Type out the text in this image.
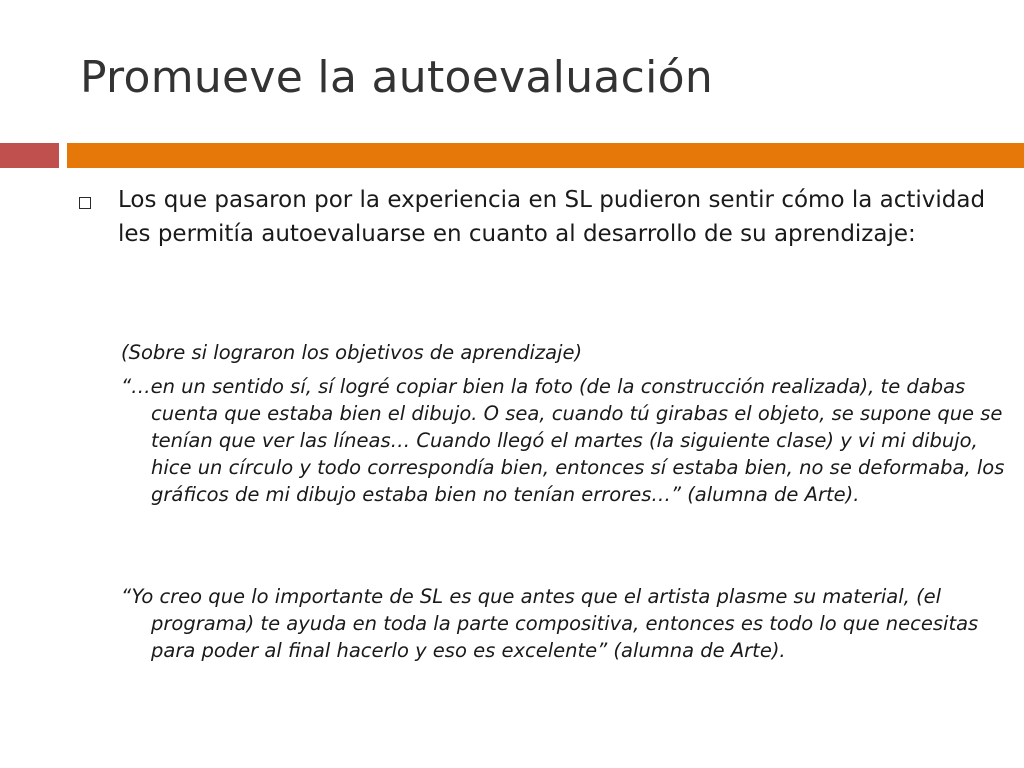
Promueve la autoevaluación

Los que pasaron por la experiencia en SL pudieron sentir cómo la actividad les permitía autoevaluarse en cuanto al desarrollo de su aprendizaje:

(Sobre si lograron los objetivos de aprendizaje)

“…en un sentido sí, sí logré copiar bien la foto (de la construcción realizada), te dabas cuenta que estaba bien el dibujo. O sea, cuando tú girabas el objeto, se supone que se tenían que ver las líneas… Cuando llegó el martes (la siguiente clase) y vi mi dibujo, hice un círculo y todo correspondía bien, entonces sí estaba bien, no se deformaba, los gráficos de mi dibujo estaba bien no tenían errores…” (alumna de Arte).

“Yo creo que lo importante de SL es que antes que el artista plasme su material, (el programa) te ayuda en toda la parte compositiva, entonces es todo lo que necesitas para poder al final hacerlo y eso es excelente” (alumna de Arte).
